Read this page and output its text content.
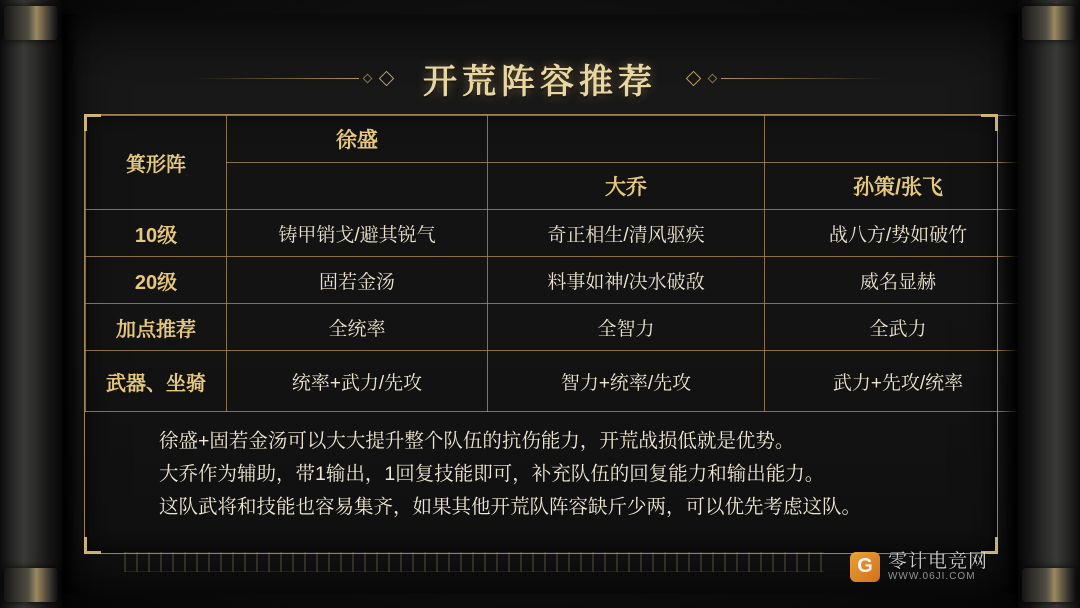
开荒阵容推荐
箕形阵	徐盛		
		大乔	孙策/张飞
10级	铸甲销戈/避其锐气	奇正相生/清风驱疾	战八方/势如破竹
20级	固若金汤	料事如神/决水破敌	威名显赫
加点推荐	全统率	全智力	全武力
武器、坐骑	统率+武力/先攻	智力+统率/先攻	武力+先攻/统率

徐盛+固若金汤可以大大提升整个队伍的抗伤能力，开荒战损低就是优势。

大乔作为辅助，带1输出，1回复技能即可，补充队伍的回复能力和输出能力。

这队武将和技能也容易集齐，如果其他开荒队阵容缺斤少两，可以优先考虑这队。

G 零计电竞网
WWW.06JI.COM
